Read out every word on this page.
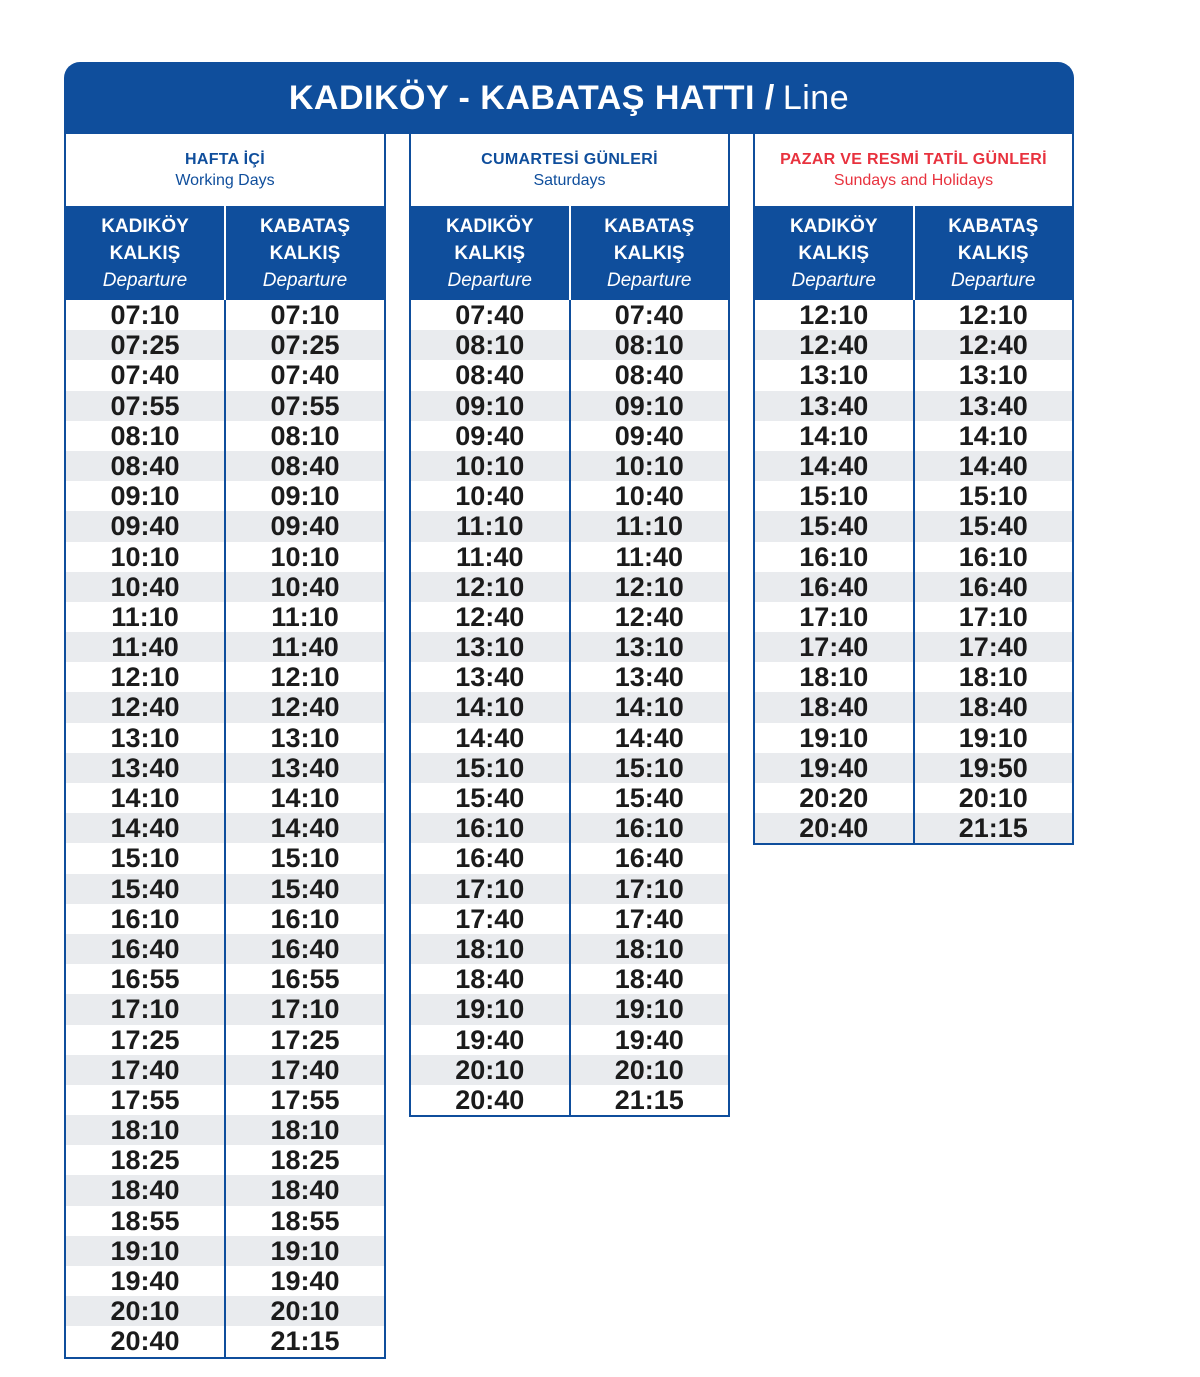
KADIKÖY - KABATAŞ HATTI / Line
HAFTA İÇİ
Working Days
KADIKÖY
KALKIŞ
Departure
KABATAŞ
KALKIŞ
Departure
07:10
07:25
07:40
07:55
08:10
08:40
09:10
09:40
10:10
10:40
11:10
11:40
12:10
12:40
13:10
13:40
14:10
14:40
15:10
15:40
16:10
16:40
16:55
17:10
17:25
17:40
17:55
18:10
18:25
18:40
18:55
19:10
19:40
20:10
20:40
07:10
07:25
07:40
07:55
08:10
08:40
09:10
09:40
10:10
10:40
11:10
11:40
12:10
12:40
13:10
13:40
14:10
14:40
15:10
15:40
16:10
16:40
16:55
17:10
17:25
17:40
17:55
18:10
18:25
18:40
18:55
19:10
19:40
20:10
21:15
CUMARTESİ GÜNLERİ
Saturdays
KADIKÖY
KALKIŞ
Departure
KABATAŞ
KALKIŞ
Departure
07:40
08:10
08:40
09:10
09:40
10:10
10:40
11:10
11:40
12:10
12:40
13:10
13:40
14:10
14:40
15:10
15:40
16:10
16:40
17:10
17:40
18:10
18:40
19:10
19:40
20:10
20:40
07:40
08:10
08:40
09:10
09:40
10:10
10:40
11:10
11:40
12:10
12:40
13:10
13:40
14:10
14:40
15:10
15:40
16:10
16:40
17:10
17:40
18:10
18:40
19:10
19:40
20:10
21:15
PAZAR VE RESMİ TATİL GÜNLERİ
Sundays and Holidays
KADIKÖY
KALKIŞ
Departure
KABATAŞ
KALKIŞ
Departure
12:10
12:40
13:10
13:40
14:10
14:40
15:10
15:40
16:10
16:40
17:10
17:40
18:10
18:40
19:10
19:40
20:20
20:40
12:10
12:40
13:10
13:40
14:10
14:40
15:10
15:40
16:10
16:40
17:10
17:40
18:10
18:40
19:10
19:50
20:10
21:15
